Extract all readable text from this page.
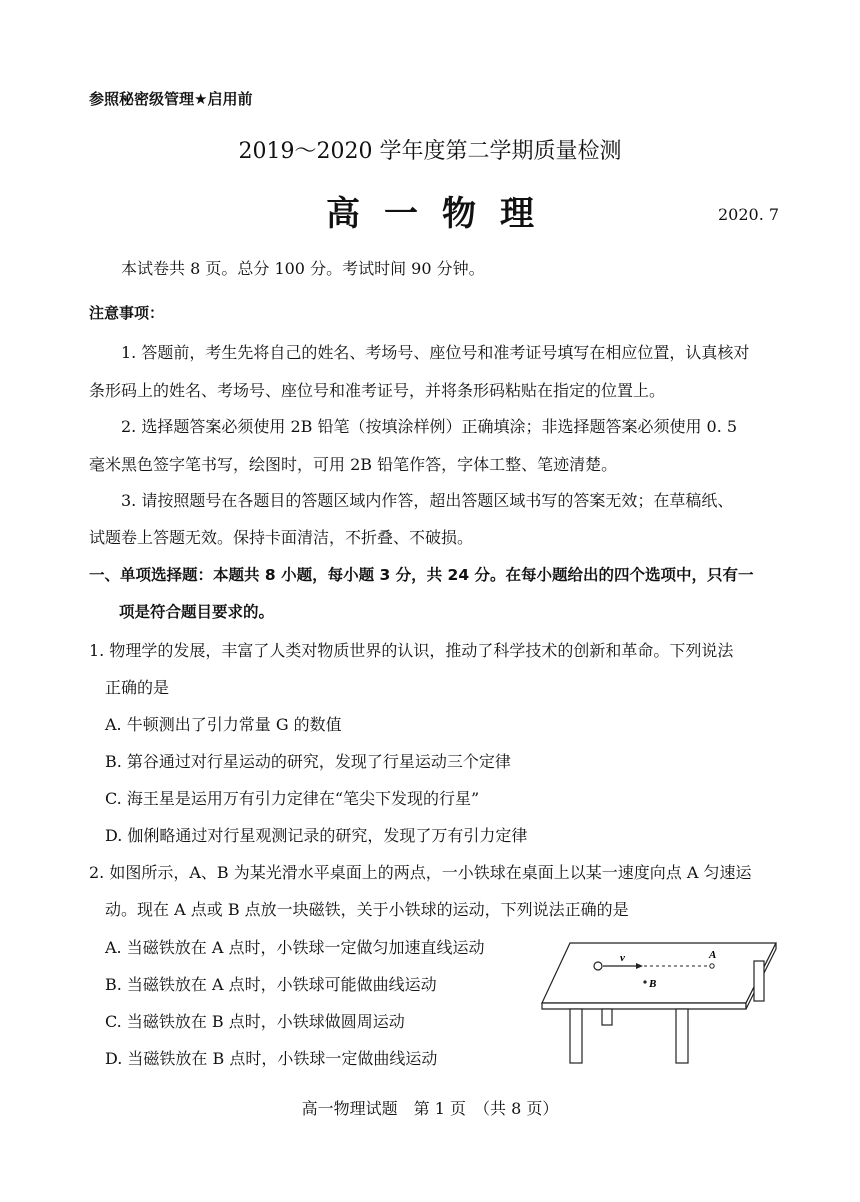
参照秘密级管理★启用前
2019～2020 学年度第二学期质量检测
高一物理	2020. 7
本试卷共 8 页。总分 100 分。考试时间 90 分钟。
注意事项：
1. 答题前，考生先将自己的姓名、考场号、座位号和准考证号填写在相应位置，认真核对
条形码上的姓名、考场号、座位号和准考证号，并将条形码粘贴在指定的位置上。
2. 选择题答案必须使用 2B 铅笔（按填涂样例）正确填涂；非选择题答案必须使用 0. 5
毫米黑色签字笔书写，绘图时，可用 2B 铅笔作答，字体工整、笔迹清楚。
3. 请按照题号在各题目的答题区域内作答，超出答题区域书写的答案无效；在草稿纸、
试题卷上答题无效。保持卡面清洁，不折叠、不破损。
一、单项选择题：本题共 8 小题，每小题 3 分，共 24 分。在每小题给出的四个选项中，只有一
项是符合题目要求的。
1. 物理学的发展，丰富了人类对物质世界的认识，推动了科学技术的创新和革命。下列说法
正确的是
A. 牛顿测出了引力常量 G 的数值
B. 第谷通过对行星运动的研究，发现了行星运动三个定律
C. 海王星是运用万有引力定律在“笔尖下发现的行星”
D. 伽俐略通过对行星观测记录的研究，发现了万有引力定律
2. 如图所示，A、B 为某光滑水平桌面上的两点，一小铁球在桌面上以某一速度向点 A 匀速运
动。现在 A 点或 B 点放一块磁铁，关于小铁球的运动，下列说法正确的是
A. 当磁铁放在 A 点时，小铁球一定做匀加速直线运动
B. 当磁铁放在 A 点时，小铁球可能做曲线运动
C. 当磁铁放在 B 点时，小铁球做圆周运动
D. 当磁铁放在 B 点时，小铁球一定做曲线运动
v	A
B
高一物理试题　第 1 页　（共 8 页）
